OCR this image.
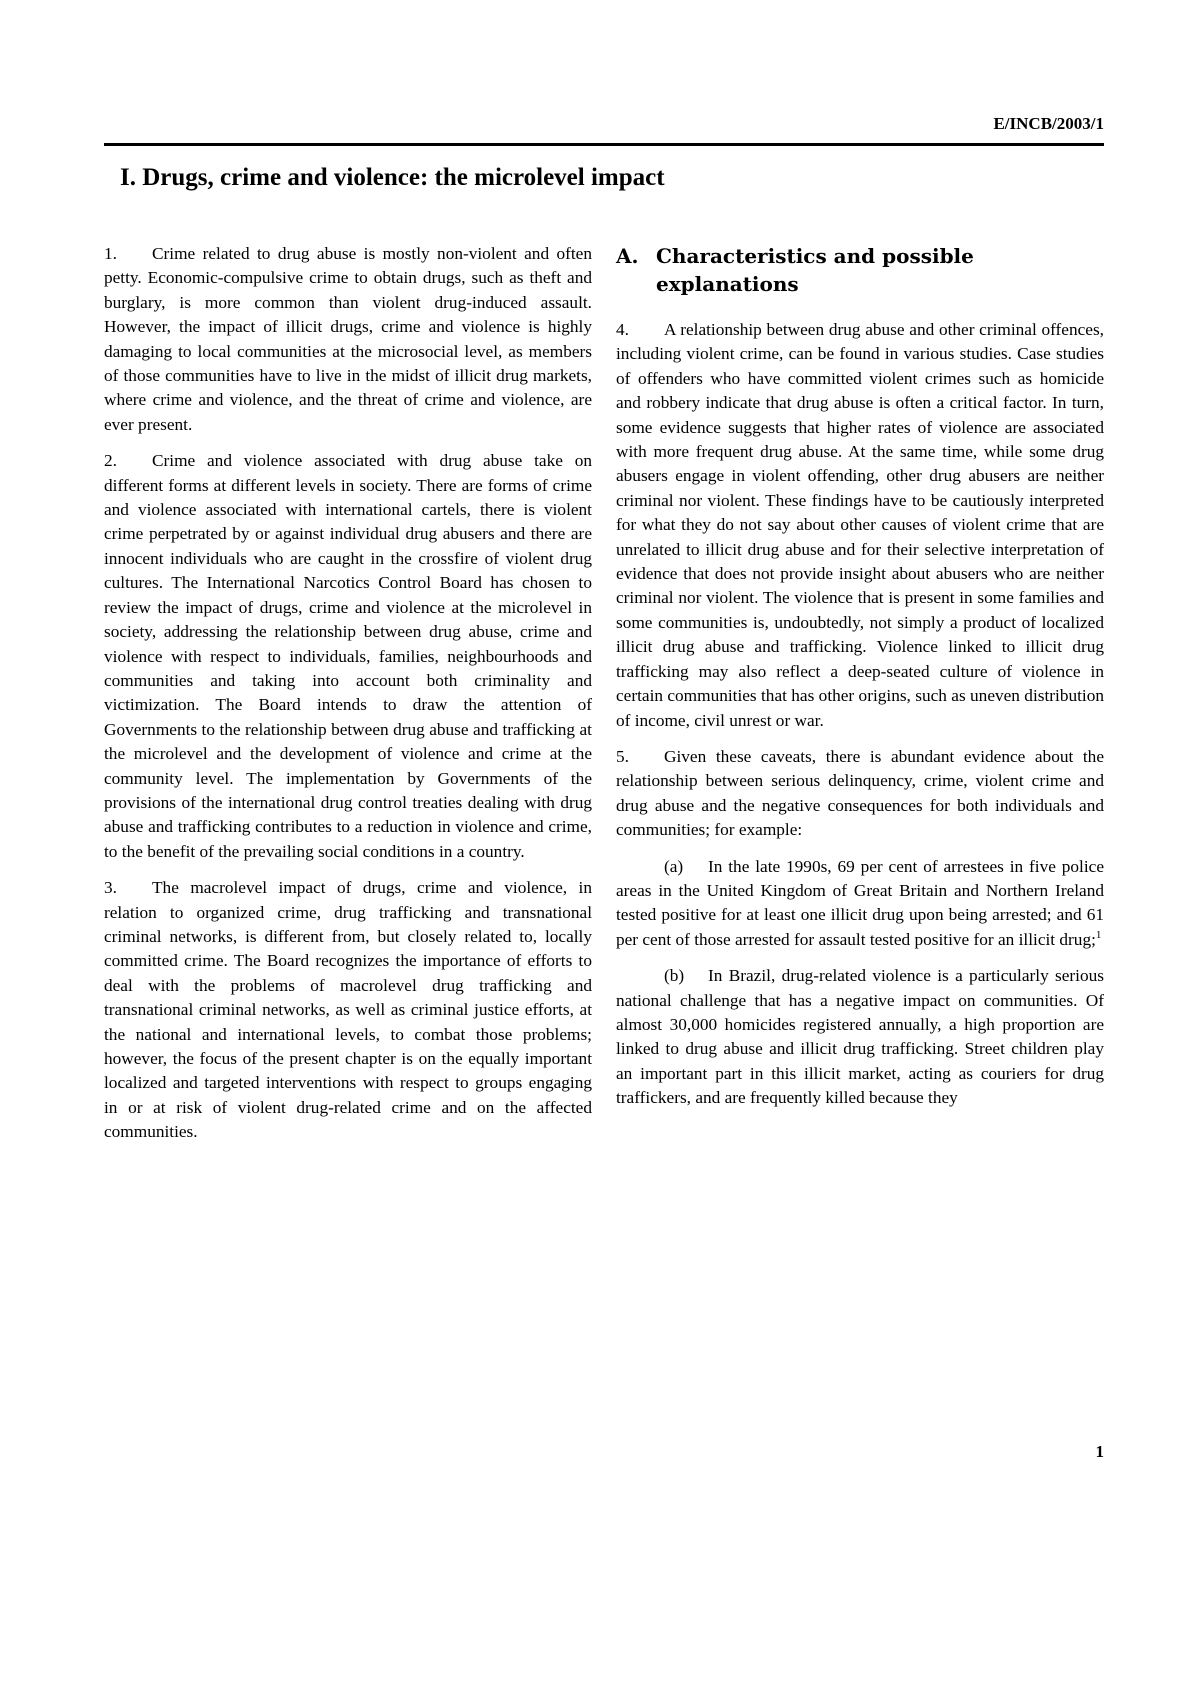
E/INCB/2003/1
I. Drugs, crime and violence: the microlevel impact

1. Crime related to drug abuse is mostly non-violent and often petty. Economic-compulsive crime to obtain drugs, such as theft and burglary, is more common than violent drug-induced assault. However, the impact of illicit drugs, crime and violence is highly damaging to local communities at the microsocial level, as members of those communities have to live in the midst of illicit drug markets, where crime and violence, and the threat of crime and violence, are ever present.

2. Crime and violence associated with drug abuse take on different forms at different levels in society. There are forms of crime and violence associated with international cartels, there is violent crime perpetrated by or against individual drug abusers and there are innocent individuals who are caught in the crossfire of violent drug cultures. The International Narcotics Control Board has chosen to review the impact of drugs, crime and violence at the microlevel in society, addressing the relationship between drug abuse, crime and violence with respect to individuals, families, neighbourhoods and communities and taking into account both criminality and victimization. The Board intends to draw the attention of Governments to the relationship between drug abuse and trafficking at the microlevel and the development of violence and crime at the community level. The implementation by Governments of the provisions of the international drug control treaties dealing with drug abuse and trafficking contributes to a reduction in violence and crime, to the benefit of the prevailing social conditions in a country.

3. The macrolevel impact of drugs, crime and violence, in relation to organized crime, drug trafficking and transnational criminal networks, is different from, but closely related to, locally committed crime. The Board recognizes the importance of efforts to deal with the problems of macrolevel drug trafficking and transnational criminal networks, as well as criminal justice efforts, at the national and international levels, to combat those problems; however, the focus of the present chapter is on the equally important localized and targeted interventions with respect to groups engaging in or at risk of violent drug-related crime and on the affected communities.

A. Characteristics and possible explanations

4. A relationship between drug abuse and other criminal offences, including violent crime, can be found in various studies. Case studies of offenders who have committed violent crimes such as homicide and robbery indicate that drug abuse is often a critical factor. In turn, some evidence suggests that higher rates of violence are associated with more frequent drug abuse. At the same time, while some drug abusers engage in violent offending, other drug abusers are neither criminal nor violent. These findings have to be cautiously interpreted for what they do not say about other causes of violent crime that are unrelated to illicit drug abuse and for their selective interpretation of evidence that does not provide insight about abusers who are neither criminal nor violent. The violence that is present in some families and some communities is, undoubtedly, not simply a product of localized illicit drug abuse and trafficking. Violence linked to illicit drug trafficking may also reflect a deep-seated culture of violence in certain communities that has other origins, such as uneven distribution of income, civil unrest or war.

5. Given these caveats, there is abundant evidence about the relationship between serious delinquency, crime, violent crime and drug abuse and the negative consequences for both individuals and communities; for example:

(a) In the late 1990s, 69 per cent of arrestees in five police areas in the United Kingdom of Great Britain and Northern Ireland tested positive for at least one illicit drug upon being arrested; and 61 per cent of those arrested for assault tested positive for an illicit drug;$^1$

(b) In Brazil, drug-related violence is a particularly serious national challenge that has a negative impact on communities. Of almost 30,000 homicides registered annually, a high proportion are linked to drug abuse and illicit drug trafficking. Street children play an important part in this illicit market, acting as couriers for drug traffickers, and are frequently killed because they

1
